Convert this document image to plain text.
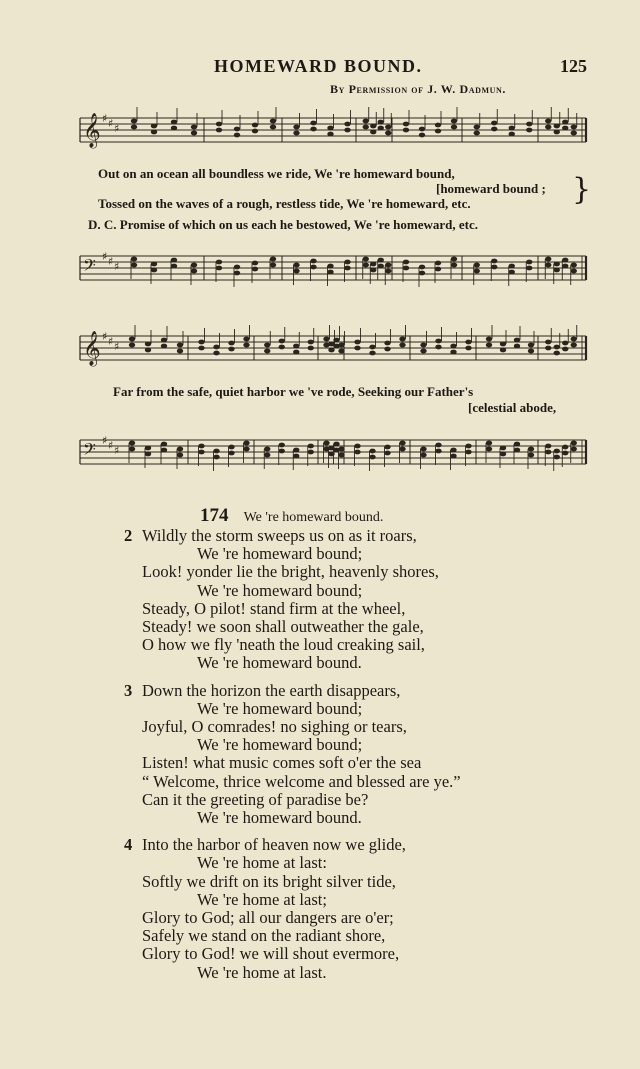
HOMEWARD BOUND.	125
By Permission of J. W. Dadmun.
𝄞 ♯ ♯ ♯
Out on an ocean all boundless we ride, We 're homeward bound,
[homeward bound ;
Tossed on the waves of a rough, restless tide, We 're homeward, etc.
D. C. Promise of which on us each he bestowed, We 're homeward, etc.
}
𝄢 ♯ ♯ ♯
𝄞 ♯ ♯ ♯
Far from the safe, quiet harbor we 've rode, Seeking our Father's
[celestial abode,
𝄢 ♯ ♯ ♯
174 We 're homeward bound.
2 Wildly the storm sweeps us on as it roars,
We 're homeward bound;
Look! yonder lie the bright, heavenly shores,
We 're homeward bound;
Steady, O pilot! stand firm at the wheel,
Steady! we soon shall outweather the gale,
O how we fly 'neath the loud creaking sail,
We 're homeward bound.
3 Down the horizon the earth disappears,
We 're homeward bound;
Joyful, O comrades! no sighing or tears,
We 're homeward bound;
Listen! what music comes soft o'er the sea
“ Welcome, thrice welcome and blessed are ye.”
Can it the greeting of paradise be?
We 're homeward bound.
4 Into the harbor of heaven now we glide,
We 're home at last:
Softly we drift on its bright silver tide,
We 're home at last;
Glory to God; all our dangers are o'er;
Safely we stand on the radiant shore,
Glory to God! we will shout evermore,
We 're home at last.
